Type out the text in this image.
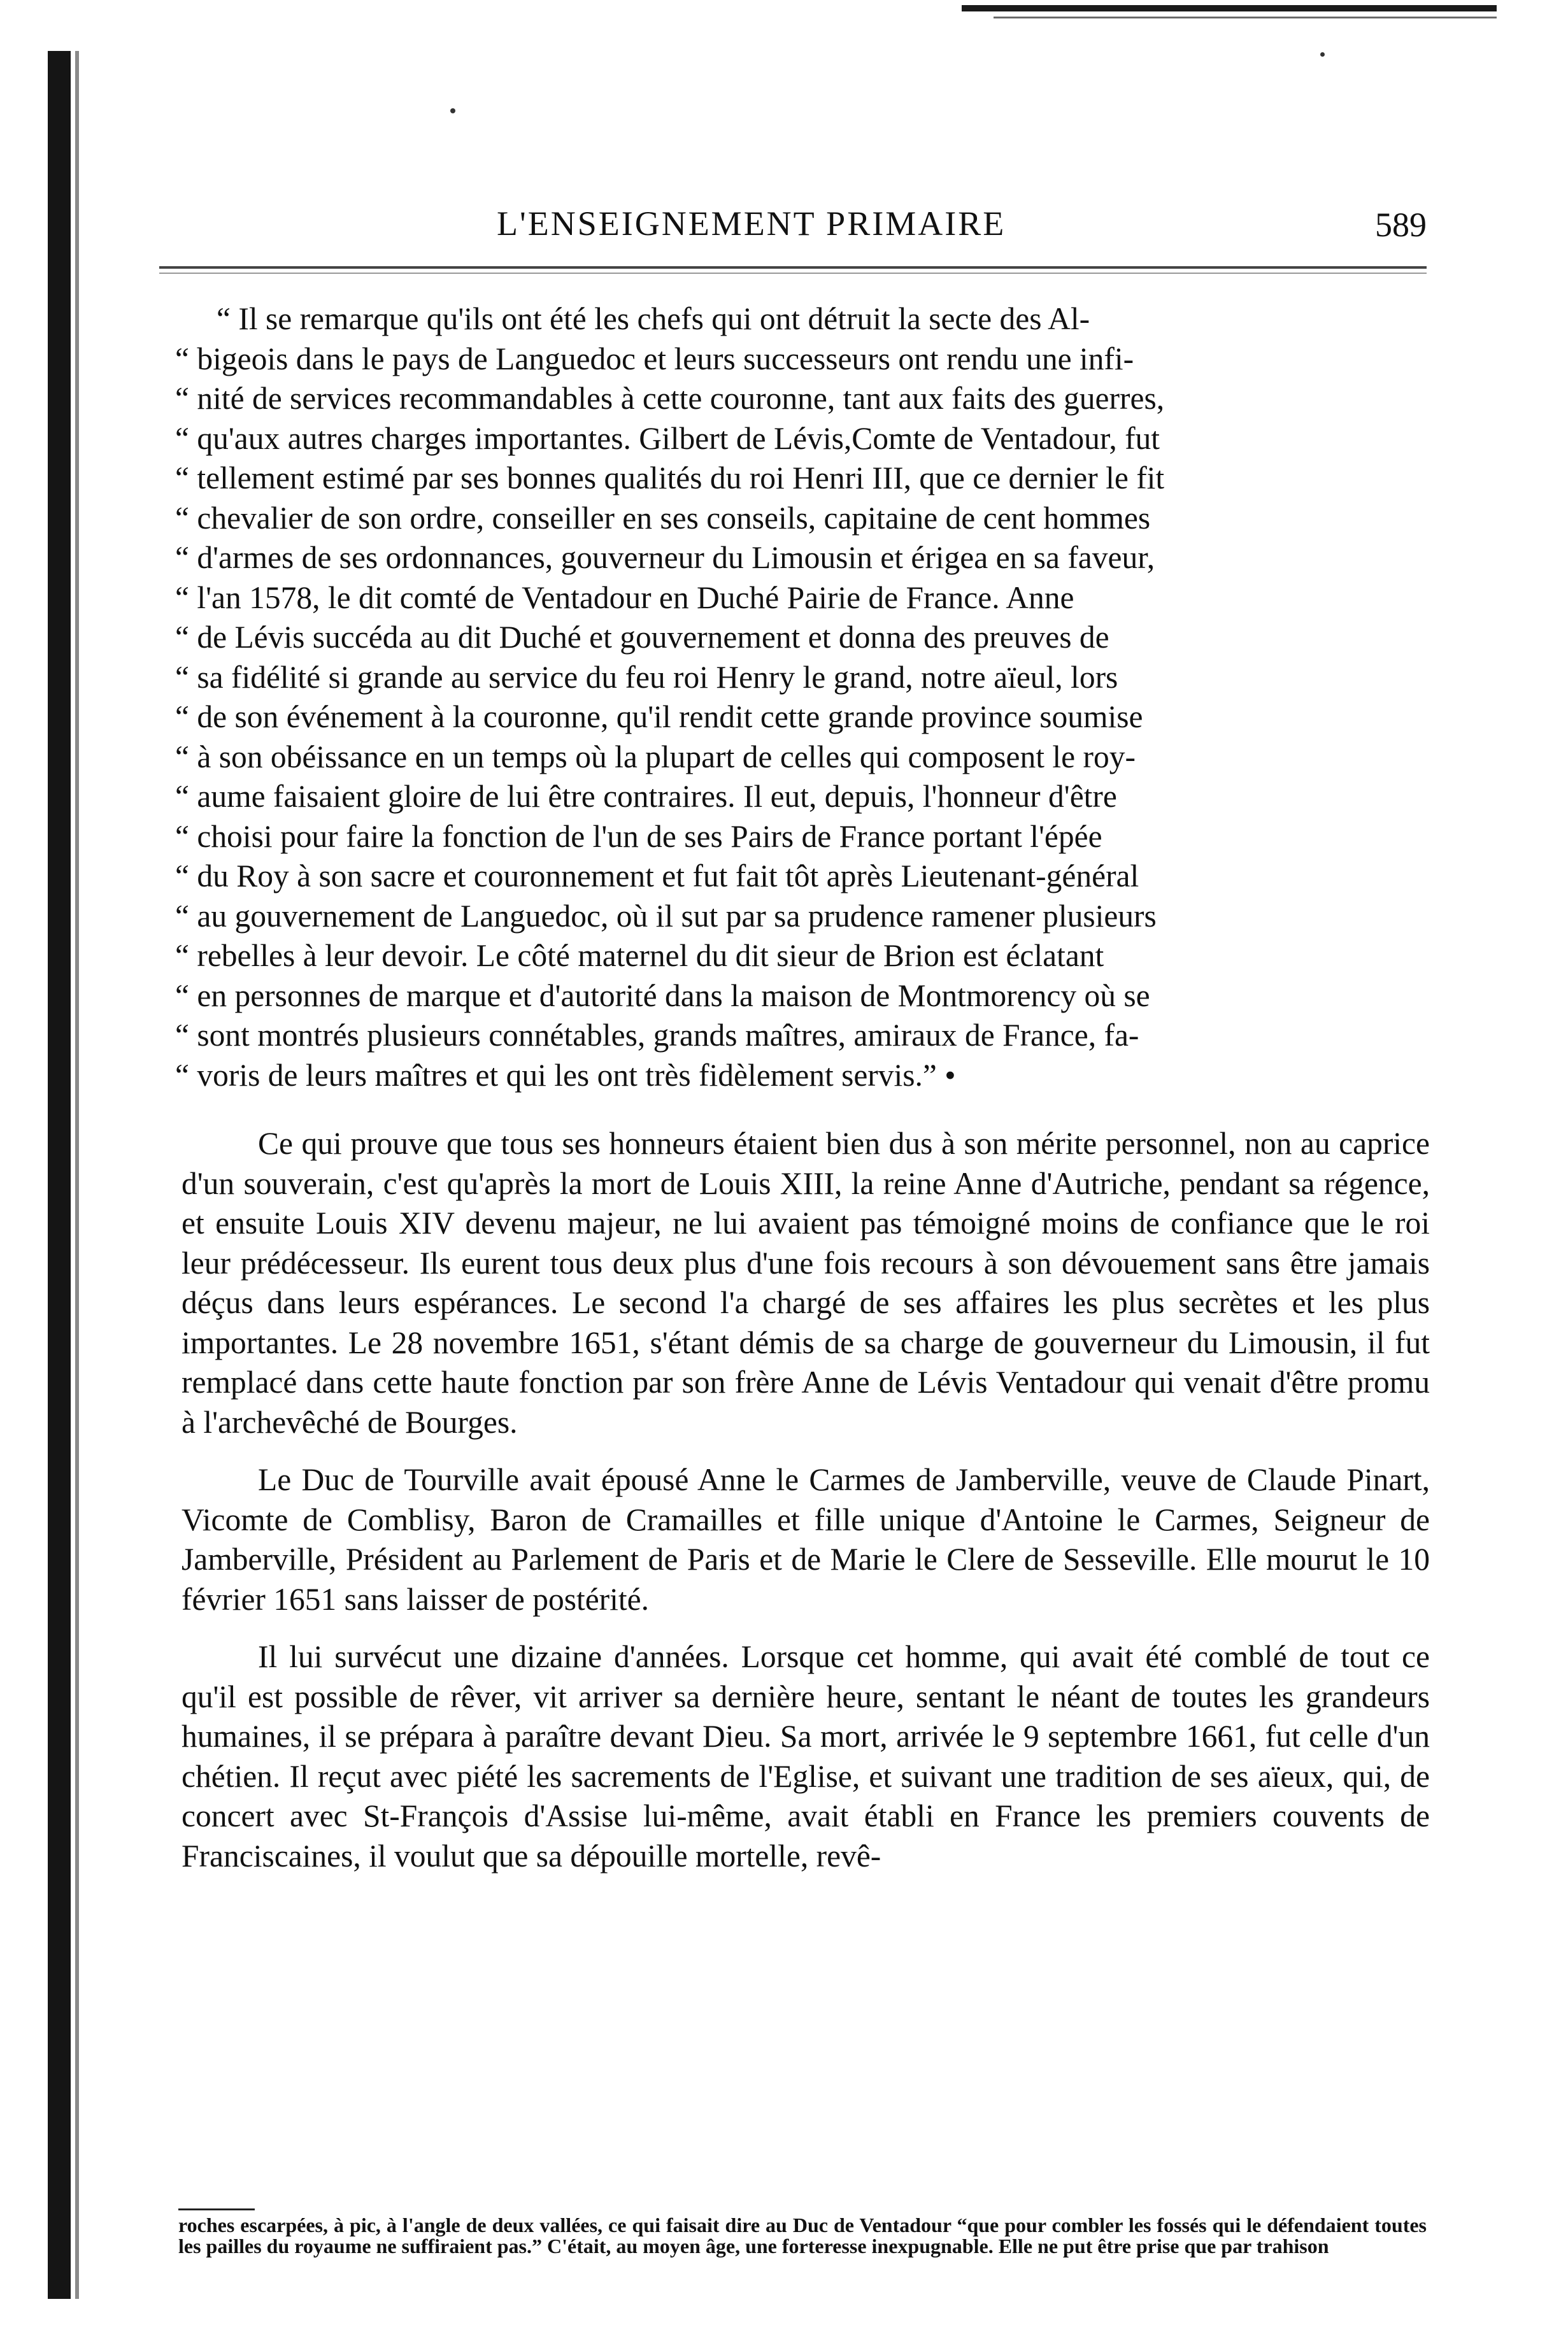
L'ENSEIGNEMENT PRIMAIRE	589
“ Il se remarque qu'ils ont été les chefs qui ont détruit la secte des Al-
“ bigeois dans le pays de Languedoc et leurs successeurs ont rendu une infi-
“ nité de services recommandables à cette couronne, tant aux faits des guerres,
“ qu'aux autres charges importantes. Gilbert de Lévis,Comte de Ventadour, fut
“ tellement estimé par ses bonnes qualités du roi Henri III, que ce dernier le fit
“ chevalier de son ordre, conseiller en ses conseils, capitaine de cent hommes
“ d'armes de ses ordonnances, gouverneur du Limousin et érigea en sa faveur,
“ l'an 1578, le dit comté de Ventadour en Duché Pairie de France. Anne
“ de Lévis succéda au dit Duché et gouvernement et donna des preuves de
“ sa fidélité si grande au service du feu roi Henry le grand, notre aïeul, lors
“ de son événement à la couronne, qu'il rendit cette grande province soumise
“ à son obéissance en un temps où la plupart de celles qui composent le roy-
“ aume faisaient gloire de lui être contraires. Il eut, depuis, l'honneur d'être
“ choisi pour faire la fonction de l'un de ses Pairs de France portant l'épée
“ du Roy à son sacre et couronnement et fut fait tôt après Lieutenant-général
“ au gouvernement de Languedoc, où il sut par sa prudence ramener plusieurs
“ rebelles à leur devoir. Le côté maternel du dit sieur de Brion est éclatant
“ en personnes de marque et d'autorité dans la maison de Montmorency où se
“ sont montrés plusieurs connétables, grands maîtres, amiraux de France, fa-
“ voris de leurs maîtres et qui les ont très fidèlement servis.” •

Ce qui prouve que tous ses honneurs étaient bien dus à son mérite personnel, non au caprice d'un souverain, c'est qu'après la mort de Louis XIII, la reine Anne d'Autriche, pendant sa régence, et ensuite Louis XIV devenu majeur, ne lui avaient pas témoigné moins de confiance que le roi leur prédécesseur. Ils eurent tous deux plus d'une fois recours à son dévouement sans être jamais déçus dans leurs espérances. Le second l'a chargé de ses affaires les plus secrètes et les plus importantes. Le 28 novembre 1651, s'étant démis de sa charge de gouverneur du Limousin, il fut remplacé dans cette haute fonction par son frère Anne de Lévis Ventadour qui venait d'être promu à l'archevêché de Bourges.

Le Duc de Tourville avait épousé Anne le Carmes de Jamberville, veuve de Claude Pinart, Vicomte de Comblisy, Baron de Cramailles et fille unique d'Antoine le Carmes, Seigneur de Jamberville, Président au Parlement de Paris et de Marie le Clere de Sesseville. Elle mourut le 10 février 1651 sans laisser de postérité.

Il lui survécut une dizaine d'années. Lorsque cet homme, qui avait été comblé de tout ce qu'il est possible de rêver, vit arriver sa dernière heure, sentant le néant de toutes les grandeurs humaines, il se prépara à paraître devant Dieu. Sa mort, arrivée le 9 septembre 1661, fut celle d'un chétien. Il reçut avec piété les sacrements de l'Eglise, et suivant une tradition de ses aïeux, qui, de concert avec St-François d'Assise lui-même, avait établi en France les premiers couvents de Franciscaines, il voulut que sa dépouille mortelle, revê-

roches escarpées, à pic, à l'angle de deux vallées, ce qui faisait dire au Duc de Ventadour “que pour combler les fossés qui le défendaient toutes les pailles du royaume ne suffiraient pas.” C'était, au moyen âge, une forteresse inexpugnable. Elle ne put être prise que par trahison
